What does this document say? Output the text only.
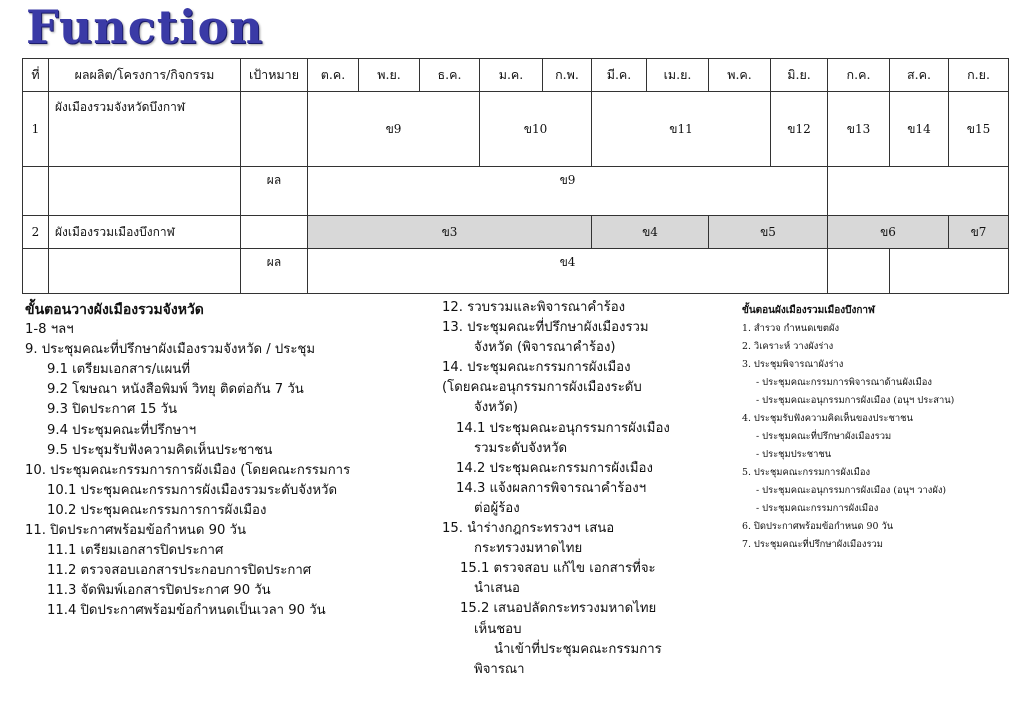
Function
ที่	ผลผลิต/โครงการ/กิจกรรม	เป้าหมาย	ต.ค.	พ.ย.	ธ.ค.	ม.ค.	ก.พ.	มี.ค.	เม.ย.	พ.ค.	มิ.ย.	ก.ค.	ส.ค.	ก.ย.
1	ผังเมืองรวมจังหวัดบึงกาฬ		ข9			ข10		ข11			ข12	ข13	ข14	ข15
		ผล	ข9											
2	ผังเมืองรวมเมืองบึงกาฬ		ข3					ข4		ข5		ข6		ข7
		ผล	ข4											
ขั้นตอนวางผังเมืองรวมจังหวัด
1-8 ฯลฯ
9. ประชุมคณะที่ปรึกษาผังเมืองรวมจังหวัด / ประชุม
9.1 เตรียมเอกสาร/แผนที่
9.2 โฆษณา หนังสือพิมพ์ วิทยุ ติดต่อกัน 7 วัน
9.3 ปิดประกาศ 15 วัน
9.4 ประชุมคณะที่ปรึกษาฯ
9.5 ประชุมรับฟังความคิดเห็นประชาชน
10. ประชุมคณะกรรมการการผังเมือง (โดยคณะกรรมการ
10.1 ประชุมคณะกรรมการผังเมืองรวมระดับจังหวัด
10.2 ประชุมคณะกรรมการการผังเมือง
11. ปิดประกาศพร้อมข้อกำหนด 90 วัน
11.1 เตรียมเอกสารปิดประกาศ
11.2 ตรวจสอบเอกสารประกอบการปิดประกาศ
11.3 จัดพิมพ์เอกสารปิดประกาศ 90 วัน
11.4 ปิดประกาศพร้อมข้อกำหนดเป็นเวลา 90 วัน
12. รวบรวมและพิจารณาคำร้อง
13. ประชุมคณะที่ปรึกษาผังเมืองรวม
จังหวัด (พิจารณาคำร้อง)
14. ประชุมคณะกรรมการผังเมือง
(โดยคณะอนุกรรมการผังเมืองระดับ
จังหวัด)
14.1 ประชุมคณะอนุกรรมการผังเมือง
รวมระดับจังหวัด
14.2 ประชุมคณะกรรมการผังเมือง
14.3 แจ้งผลการพิจารณาคำร้องฯ
ต่อผู้ร้อง
15. นำร่างกฎกระทรวงฯ เสนอ
กระทรวงมหาดไทย
15.1 ตรวจสอบ แก้ไข เอกสารที่จะ
นำเสนอ
15.2 เสนอปลัดกระทรวงมหาดไทย
เห็นชอบ
นำเข้าที่ประชุมคณะกรรมการ
พิจารณา
ขั้นตอนผังเมืองรวมเมืองบึงกาฬ
1. สำรวจ กำหนดเขตผัง
2. วิเคราะห์ วางผังร่าง
3. ประชุมพิจารณาผังร่าง
- ประชุมคณะกรรมการพิจารณาด้านผังเมือง
- ประชุมคณะอนุกรรมการผังเมือง (อนุฯ ประสาน)
4. ประชุมรับฟังความคิดเห็นของประชาชน
- ประชุมคณะที่ปรึกษาผังเมืองรวม
- ประชุมประชาชน
5. ประชุมคณะกรรมการผังเมือง
- ประชุมคณะอนุกรรมการผังเมือง (อนุฯ วางผัง)
- ประชุมคณะกรรมการผังเมือง
6. ปิดประกาศพร้อมข้อกำหนด 90 วัน
7. ประชุมคณะที่ปรึกษาผังเมืองรวม
